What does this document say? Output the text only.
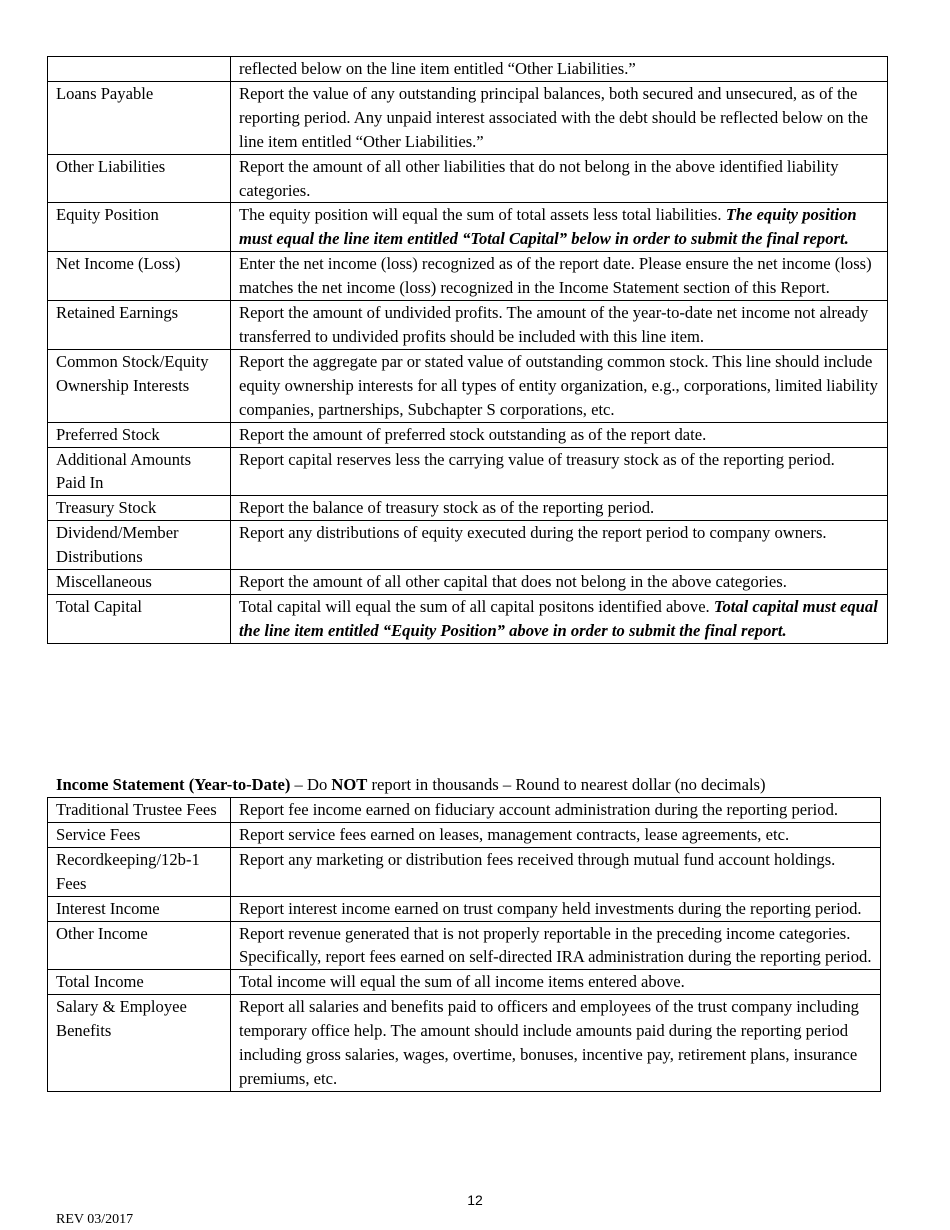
	reflected below on the line item entitled “Other Liabilities.”
Loans Payable	Report the value of any outstanding principal balances, both secured and unsecured, as of the reporting period. Any unpaid interest associated with the debt should be reflected below on the line item entitled “Other Liabilities.”
Other Liabilities	Report the amount of all other liabilities that do not belong in the above identified liability categories.
Equity Position	The equity position will equal the sum of total assets less total liabilities. The equity position must equal the line item entitled “Total Capital” below in order to submit the final report.
Net Income (Loss)	Enter the net income (loss) recognized as of the report date. Please ensure the net income (loss) matches the net income (loss) recognized in the Income Statement section of this Report.
Retained Earnings	Report the amount of undivided profits. The amount of the year-to-date net income not already transferred to undivided profits should be included with this line item.
Common Stock/Equity Ownership Interests	Report the aggregate par or stated value of outstanding common stock. This line should include equity ownership interests for all types of entity organization, e.g., corporations, limited liability companies, partnerships, Subchapter S corporations, etc.
Preferred Stock	Report the amount of preferred stock outstanding as of the report date.
Additional Amounts Paid In	Report capital reserves less the carrying value of treasury stock as of the reporting period.
Treasury Stock	Report the balance of treasury stock as of the reporting period.
Dividend/Member Distributions	Report any distributions of equity executed during the report period to company owners.
Miscellaneous	Report the amount of all other capital that does not belong in the above categories.
Total Capital	Total capital will equal the sum of all capital positons identified above. Total capital must equal the line item entitled “Equity Position” above in order to submit the final report.
Income Statement (Year-to-Date) – Do NOT report in thousands – Round to nearest dollar (no decimals)
Traditional Trustee Fees	Report fee income earned on fiduciary account administration during the reporting period.
Service Fees	Report service fees earned on leases, management contracts, lease agreements, etc.
Recordkeeping/12b-1 Fees	Report any marketing or distribution fees received through mutual fund account holdings.
Interest Income	Report interest income earned on trust company held investments during the reporting period.
Other Income	Report revenue generated that is not properly reportable in the preceding income categories. Specifically, report fees earned on self-directed IRA administration during the reporting period.
Total Income	Total income will equal the sum of all income items entered above.
Salary & Employee Benefits	Report all salaries and benefits paid to officers and employees of the trust company including temporary office help. The amount should include amounts paid during the reporting period including gross salaries, wages, overtime, bonuses, incentive pay, retirement plans, insurance premiums, etc.
12
REV 03/2017
